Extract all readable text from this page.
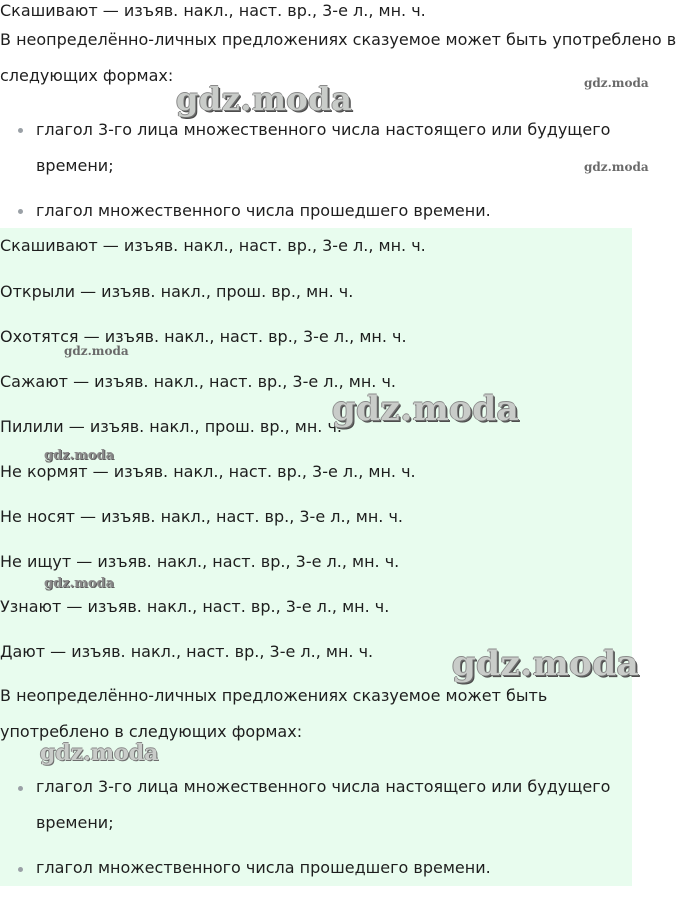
Скашивают — изъяв. накл., наст. вр., 3-е л., мн. ч.
В неопределённо-личных предложениях сказуемое может быть употреблено в
следующих формах:
глагол 3-го лица множественного числа настоящего или будущего
времени;
глагол множественного числа прошедшего времени.
Скашивают — изъяв. накл., наст. вр., 3-е л., мн. ч.
Открыли — изъяв. накл., прош. вр., мн. ч.
Охотятся — изъяв. накл., наст. вр., 3-е л., мн. ч.
Сажают — изъяв. накл., наст. вр., 3-е л., мн. ч.
Пилили — изъяв. накл., прош. вр., мн. ч.
Не кормят — изъяв. накл., наст. вр., 3-е л., мн. ч.
Не носят — изъяв. накл., наст. вр., 3-е л., мн. ч.
Не ищут — изъяв. накл., наст. вр., 3-е л., мн. ч.
Узнают — изъяв. накл., наст. вр., 3-е л., мн. ч.
Дают — изъяв. накл., наст. вр., 3-е л., мн. ч.
В неопределённо-личных предложениях сказуемое может быть
употреблено в следующих формах:
глагол 3-го лица множественного числа настоящего или будущего
времени;
глагол множественного числа прошедшего времени.
gdz.moda	gdz.moda
gdz.moda
gdz.moda
gdz.moda
gdz.moda
gdz.moda
gdz.moda
gdz.moda
